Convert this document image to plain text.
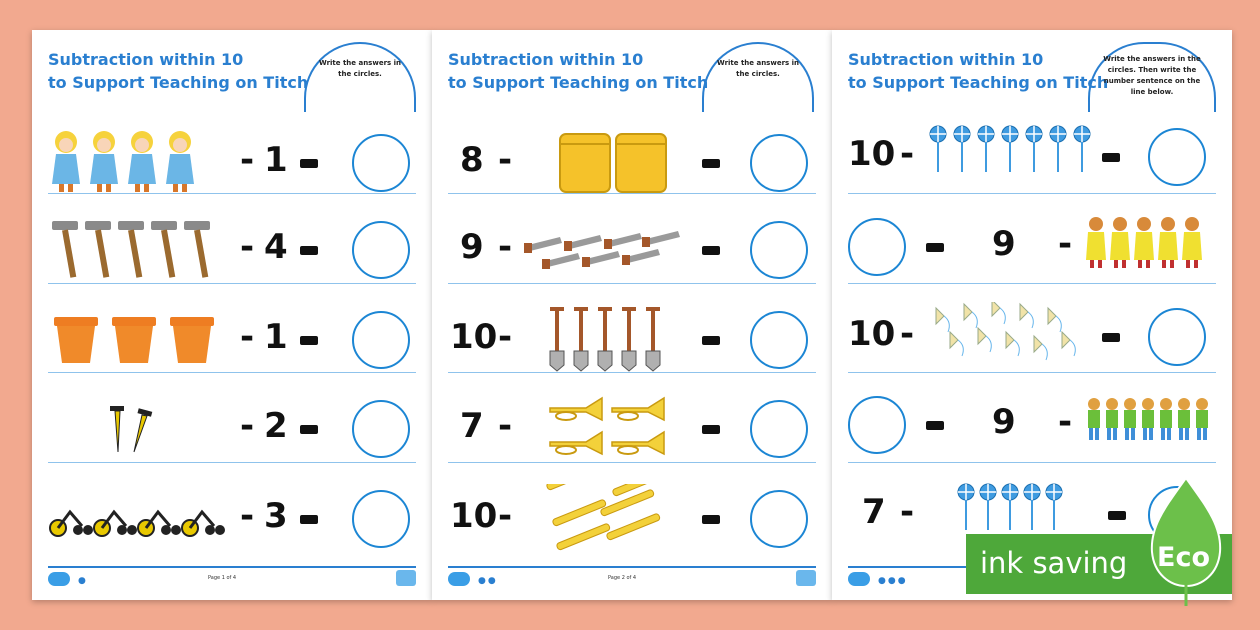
Subtraction within 10
to Support Teaching on Titch
Write the answers in the circles.
- 1
- 4
- 1
- 2
- 3
●	Page 1 of 4
Subtraction within 10
to Support Teaching on Titch
Write the answers in the circles.
8 -
9 -
10 -
7 -
10 -
●●	Page 2 of 4
Subtraction within 10
to Support Teaching on Titch
Write the answers in the circles. Then write the number sentence on the line below.
10 -
9 -
10 -
9 -
7 -
●●●
ink saving Eco
